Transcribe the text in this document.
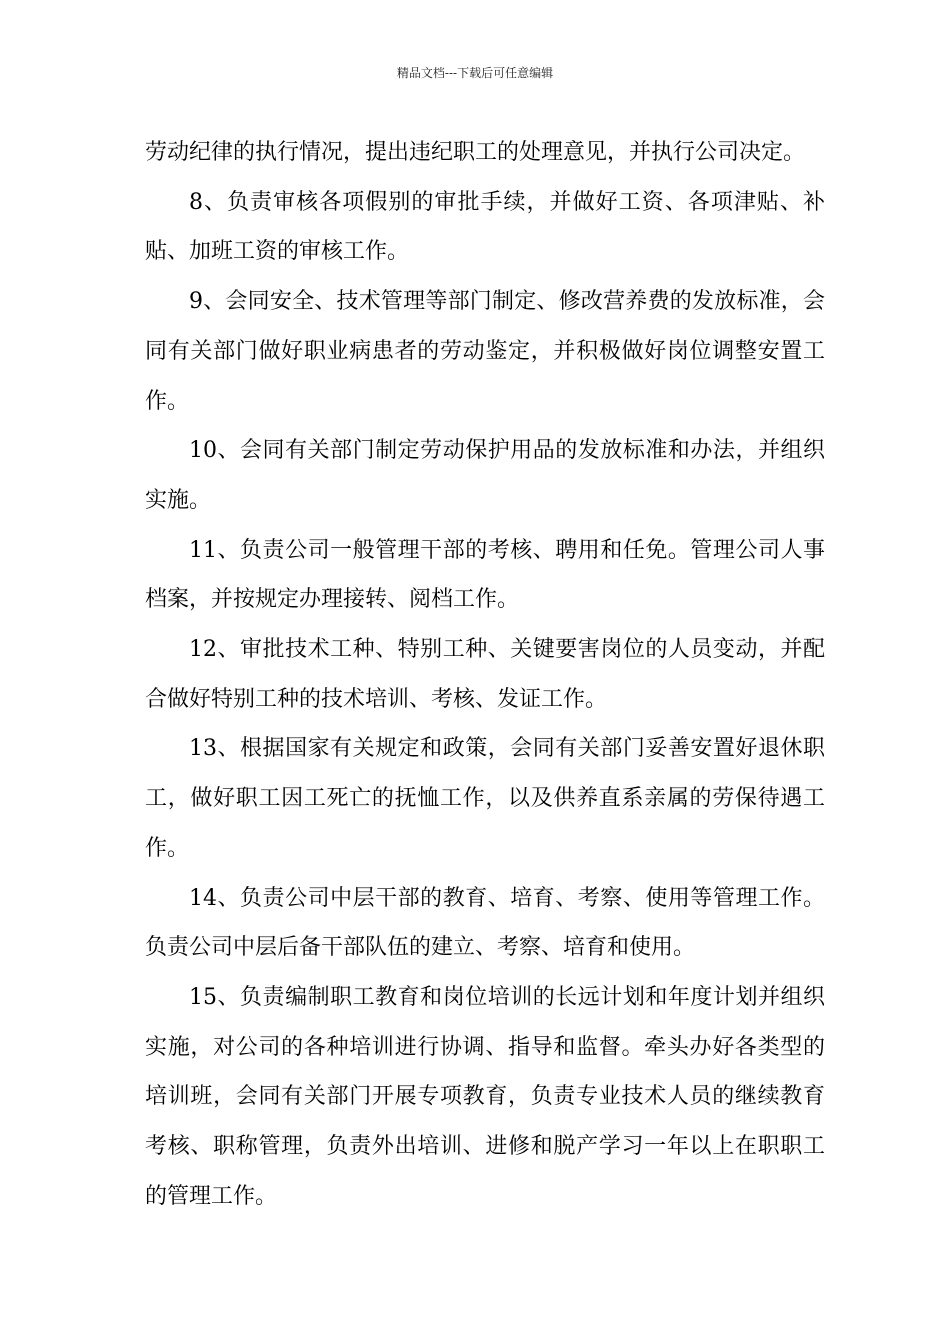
精品文档---下载后可任意编辑

劳动纪律的执行情况，提出违纪职工的处理意见，并执行公司决定。

8、负责审核各项假别的审批手续，并做好工资、各项津贴、补贴、加班工资的审核工作。

9、会同安全、技术管理等部门制定、修改营养费的发放标准，会同有关部门做好职业病患者的劳动鉴定，并积极做好岗位调整安置工作。

10、会同有关部门制定劳动保护用品的发放标准和办法，并组织实施。

11、负责公司一般管理干部的考核、聘用和任免。管理公司人事档案，并按规定办理接转、阅档工作。

12、审批技术工种、特别工种、关键要害岗位的人员变动，并配合做好特别工种的技术培训、考核、发证工作。

13、根据国家有关规定和政策，会同有关部门妥善安置好退休职工，做好职工因工死亡的抚恤工作，以及供养直系亲属的劳保待遇工作。

14、负责公司中层干部的教育、培育、考察、使用等管理工作。负责公司中层后备干部队伍的建立、考察、培育和使用。

15、负责编制职工教育和岗位培训的长远计划和年度计划并组织实施，对公司的各种培训进行协调、指导和监督。牵头办好各类型的培训班，会同有关部门开展专项教育，负责专业技术人员的继续教育考核、职称管理，负责外出培训、进修和脱产学习一年以上在职职工的管理工作。
